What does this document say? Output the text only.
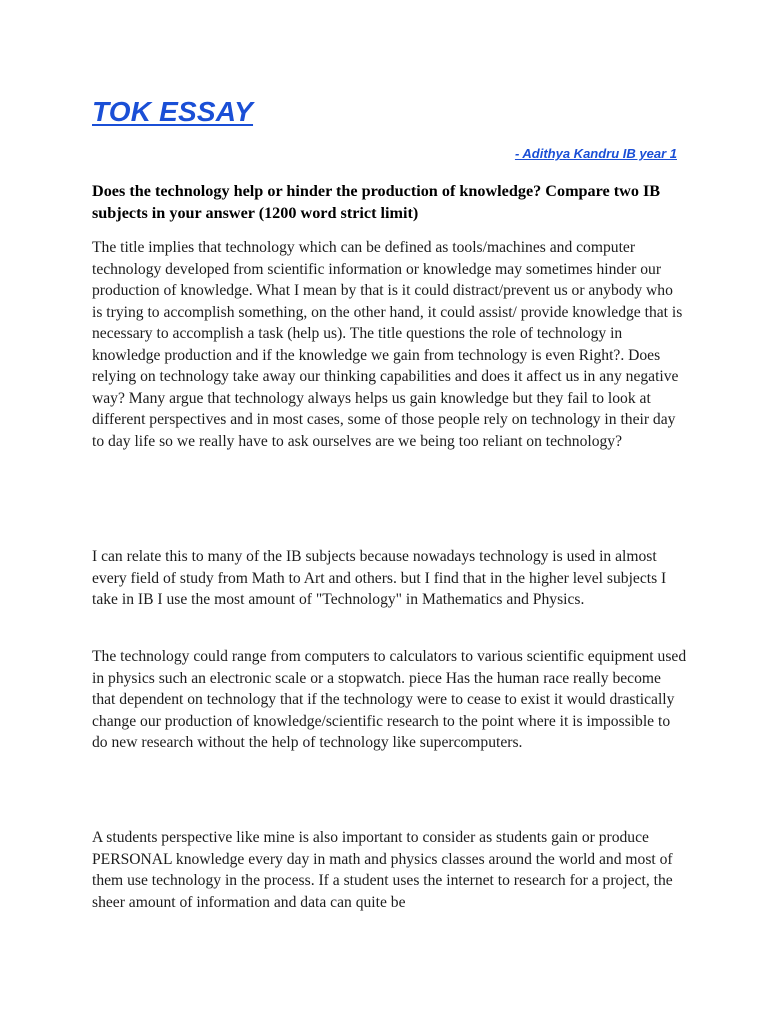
TOK ESSAY

- Adithya Kandru IB year 1

Does the technology help or hinder the production of knowledge? Compare two IB subjects in your answer (1200 word strict limit)

The title implies that technology which can be defined as tools/machines and computer technology developed from scientific information or knowledge may sometimes hinder our production of knowledge. What I mean by that is it could distract/prevent us or anybody who is trying to accomplish something, on the other hand, it could assist/ provide knowledge that is necessary to accomplish a task (help us). The title questions the role of technology in knowledge production and if the knowledge we gain from technology is even Right?. Does relying on technology take away our thinking capabilities and does it affect us in any negative way? Many argue that technology always helps us gain knowledge but they fail to look at different perspectives and in most cases, some of those people rely on technology in their day to day life so we really have to ask ourselves are we being too reliant on technology?

I can relate this to many of the IB subjects because nowadays technology is used in almost every field of study from Math to Art and others. but I find that in the higher level subjects I take in IB I use the most amount of "Technology" in Mathematics and Physics.

The technology could range from computers to calculators to various scientific equipment used in physics such an electronic scale or a stopwatch. piece Has the human race really become that dependent on technology that if the technology were to cease to exist it would drastically change our production of knowledge/scientific research to the point where it is impossible to do new research without the help of technology like supercomputers.

A students perspective like mine is also important to consider as students gain or produce PERSONAL knowledge every day in math and physics classes around the world and most of them use technology in the process. If a student uses the internet to research for a project, the sheer amount of information and data can quite be
